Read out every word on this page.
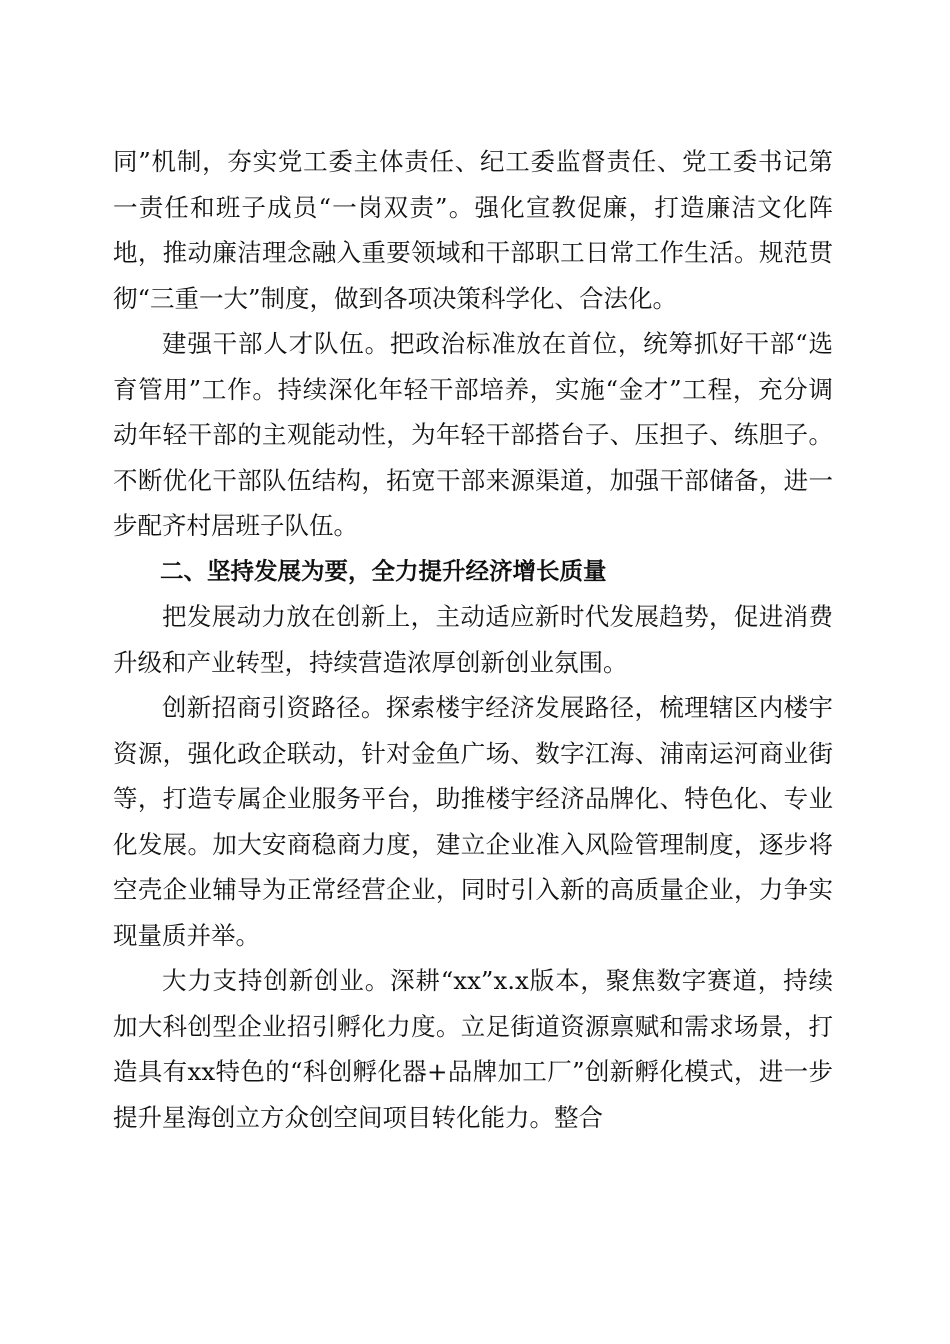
同”机制，夯实党工委主体责任、纪工委监督责任、党工委书记第一责任和班子成员“一岗双责”。强化宣教促廉，打造廉洁文化阵地，推动廉洁理念融入重要领域和干部职工日常工作生活。规范贯彻“三重一大”制度，做到各项决策科学化、合法化。

建强干部人才队伍。把政治标准放在首位，统筹抓好干部“选育管用”工作。持续深化年轻干部培养，实施“金才”工程，充分调动年轻干部的主观能动性，为年轻干部搭台子、压担子、练胆子。不断优化干部队伍结构，拓宽干部来源渠道，加强干部储备，进一步配齐村居班子队伍。

二、坚持发展为要，全力提升经济增长质量

把发展动力放在创新上，主动适应新时代发展趋势，促进消费升级和产业转型，持续营造浓厚创新创业氛围。

创新招商引资路径。探索楼宇经济发展路径，梳理辖区内楼宇资源，强化政企联动，针对金鱼广场、数字江海、浦南运河商业街等，打造专属企业服务平台，助推楼宇经济品牌化、特色化、专业化发展。加大安商稳商力度，建立企业准入风险管理制度，逐步将空壳企业辅导为正常经营企业，同时引入新的高质量企业，力争实现量质并举。

大力支持创新创业。深耕“xx”x.x版本，聚焦数字赛道，持续加大科创型企业招引孵化力度。立足街道资源禀赋和需求场景，打造具有xx特色的“科创孵化器+品牌加工厂”创新孵化模式，进一步提升星海创立方众创空间项目转化能力。整合
